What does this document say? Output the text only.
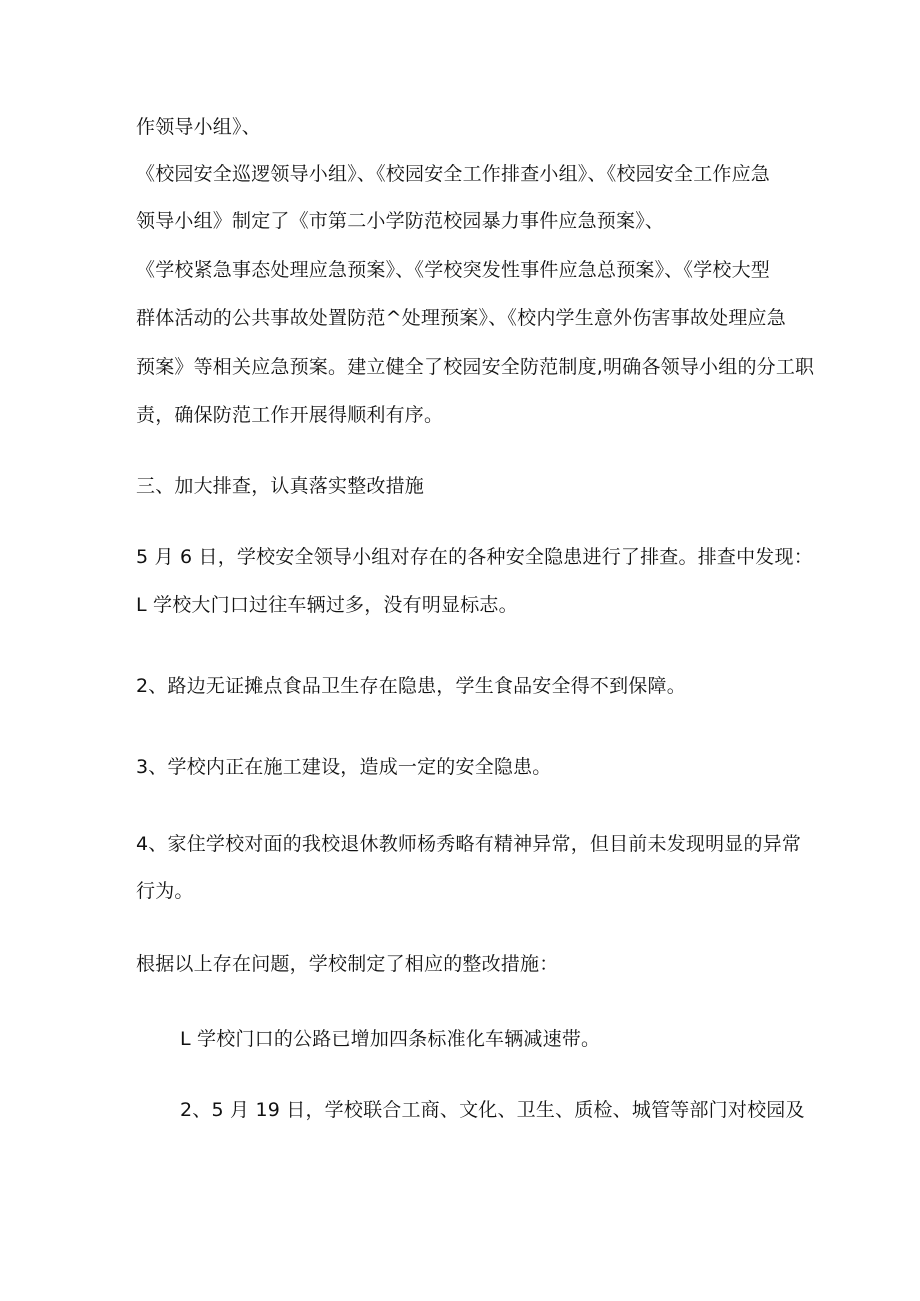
作领导小组》、
《校园安全巡逻领导小组》、《校园安全工作排查小组》、《校园安全工作应急
领导小组》制定了《市第二小学防范校园暴力事件应急预案》、
《学校紧急事态处理应急预案》、《学校突发性事件应急总预案》、《学校大型
群体活动的公共事故处置防范^处理预案》、《校内学生意外伤害事故处理应急
预案》等相关应急预案。建立健全了校园安全防范制度,明确各领导小组的分工职
责，确保防范工作开展得顺利有序。
三、加大排查，认真落实整改措施
5 月 6 日，学校安全领导小组对存在的各种安全隐患进行了排查。排查中发现：
L 学校大门口过往车辆过多，没有明显标志。
2、路边无证摊点食品卫生存在隐患，学生食品安全得不到保障。
3、学校内正在施工建设，造成一定的安全隐患。
4、家住学校对面的我校退休教师杨秀略有精神异常，但目前未发现明显的异常
行为。
根据以上存在问题，学校制定了相应的整改措施：
L 学校门口的公路已增加四条标准化车辆减速带。
2、5 月 19 日，学校联合工商、文化、卫生、质检、城管等部门对校园及
